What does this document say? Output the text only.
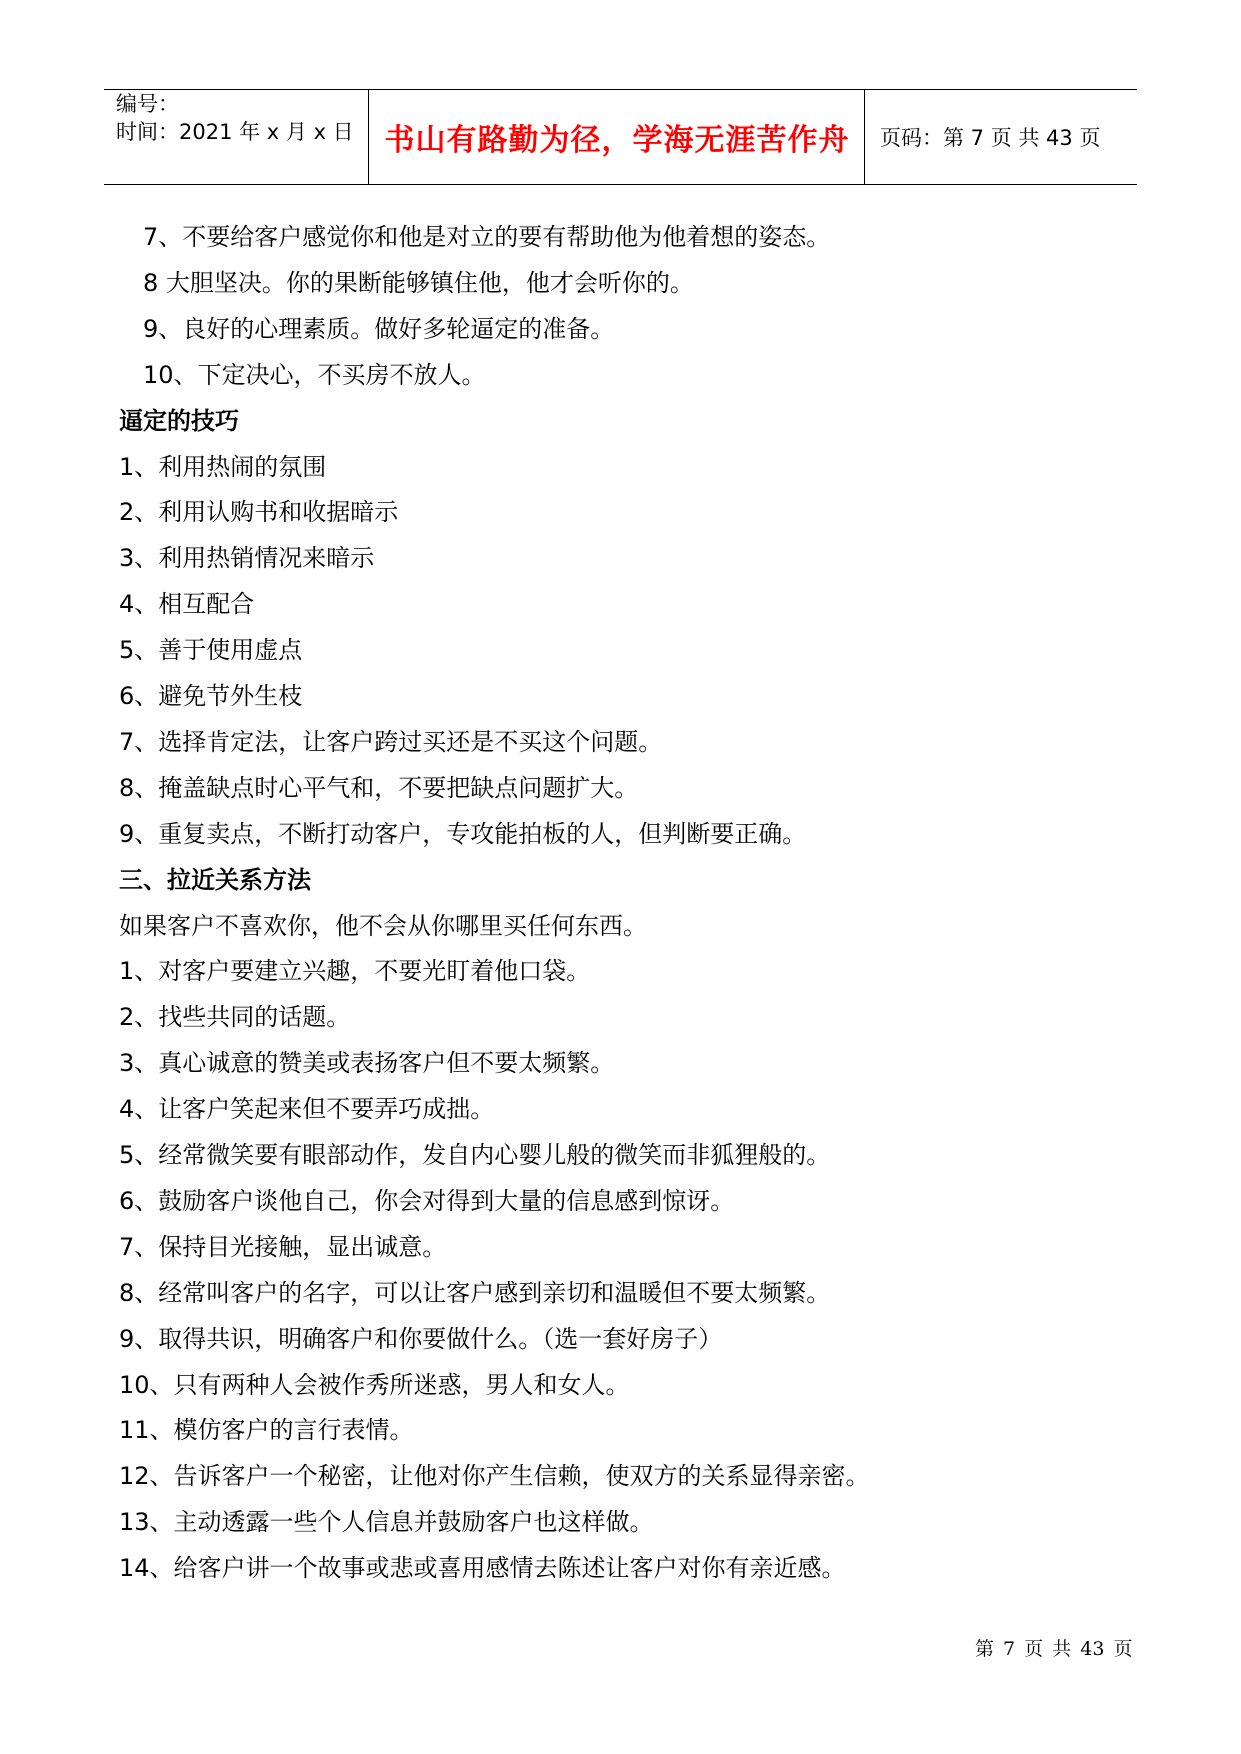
编号：
时间：2021 年 x 月 x 日 书山有路勤为径，学海无涯苦作舟 页码：第 7 页 共 43 页
7、不要给客户感觉你和他是对立的要有帮助他为他着想的姿态。
8 大胆坚决。你的果断能够镇住他，他才会听你的。
9、良好的心理素质。做好多轮逼定的准备。
10、下定决心，不买房不放人。
逼定的技巧
1、利用热闹的氛围
2、利用认购书和收据暗示
3、利用热销情况来暗示
4、相互配合
5、善于使用虚点
6、避免节外生枝
7、选择肯定法，让客户跨过买还是不买这个问题。
8、掩盖缺点时心平气和，不要把缺点问题扩大。
9、重复卖点，不断打动客户，专攻能拍板的人，但判断要正确。
三、拉近关系方法
如果客户不喜欢你，他不会从你哪里买任何东西。
1、对客户要建立兴趣，不要光盯着他口袋。
2、找些共同的话题。
3、真心诚意的赞美或表扬客户但不要太频繁。
4、让客户笑起来但不要弄巧成拙。
5、经常微笑要有眼部动作，发自内心婴儿般的微笑而非狐狸般的。
6、鼓励客户谈他自己，你会对得到大量的信息感到惊讶。
7、保持目光接触，显出诚意。
8、经常叫客户的名字，可以让客户感到亲切和温暖但不要太频繁。
9、取得共识，明确客户和你要做什么。（选一套好房子）
10、只有两种人会被作秀所迷惑，男人和女人。
11、模仿客户的言行表情。
12、告诉客户一个秘密，让他对你产生信赖，使双方的关系显得亲密。
13、主动透露一些个人信息并鼓励客户也这样做。
14、给客户讲一个故事或悲或喜用感情去陈述让客户对你有亲近感。
第 7 页 共 43 页
